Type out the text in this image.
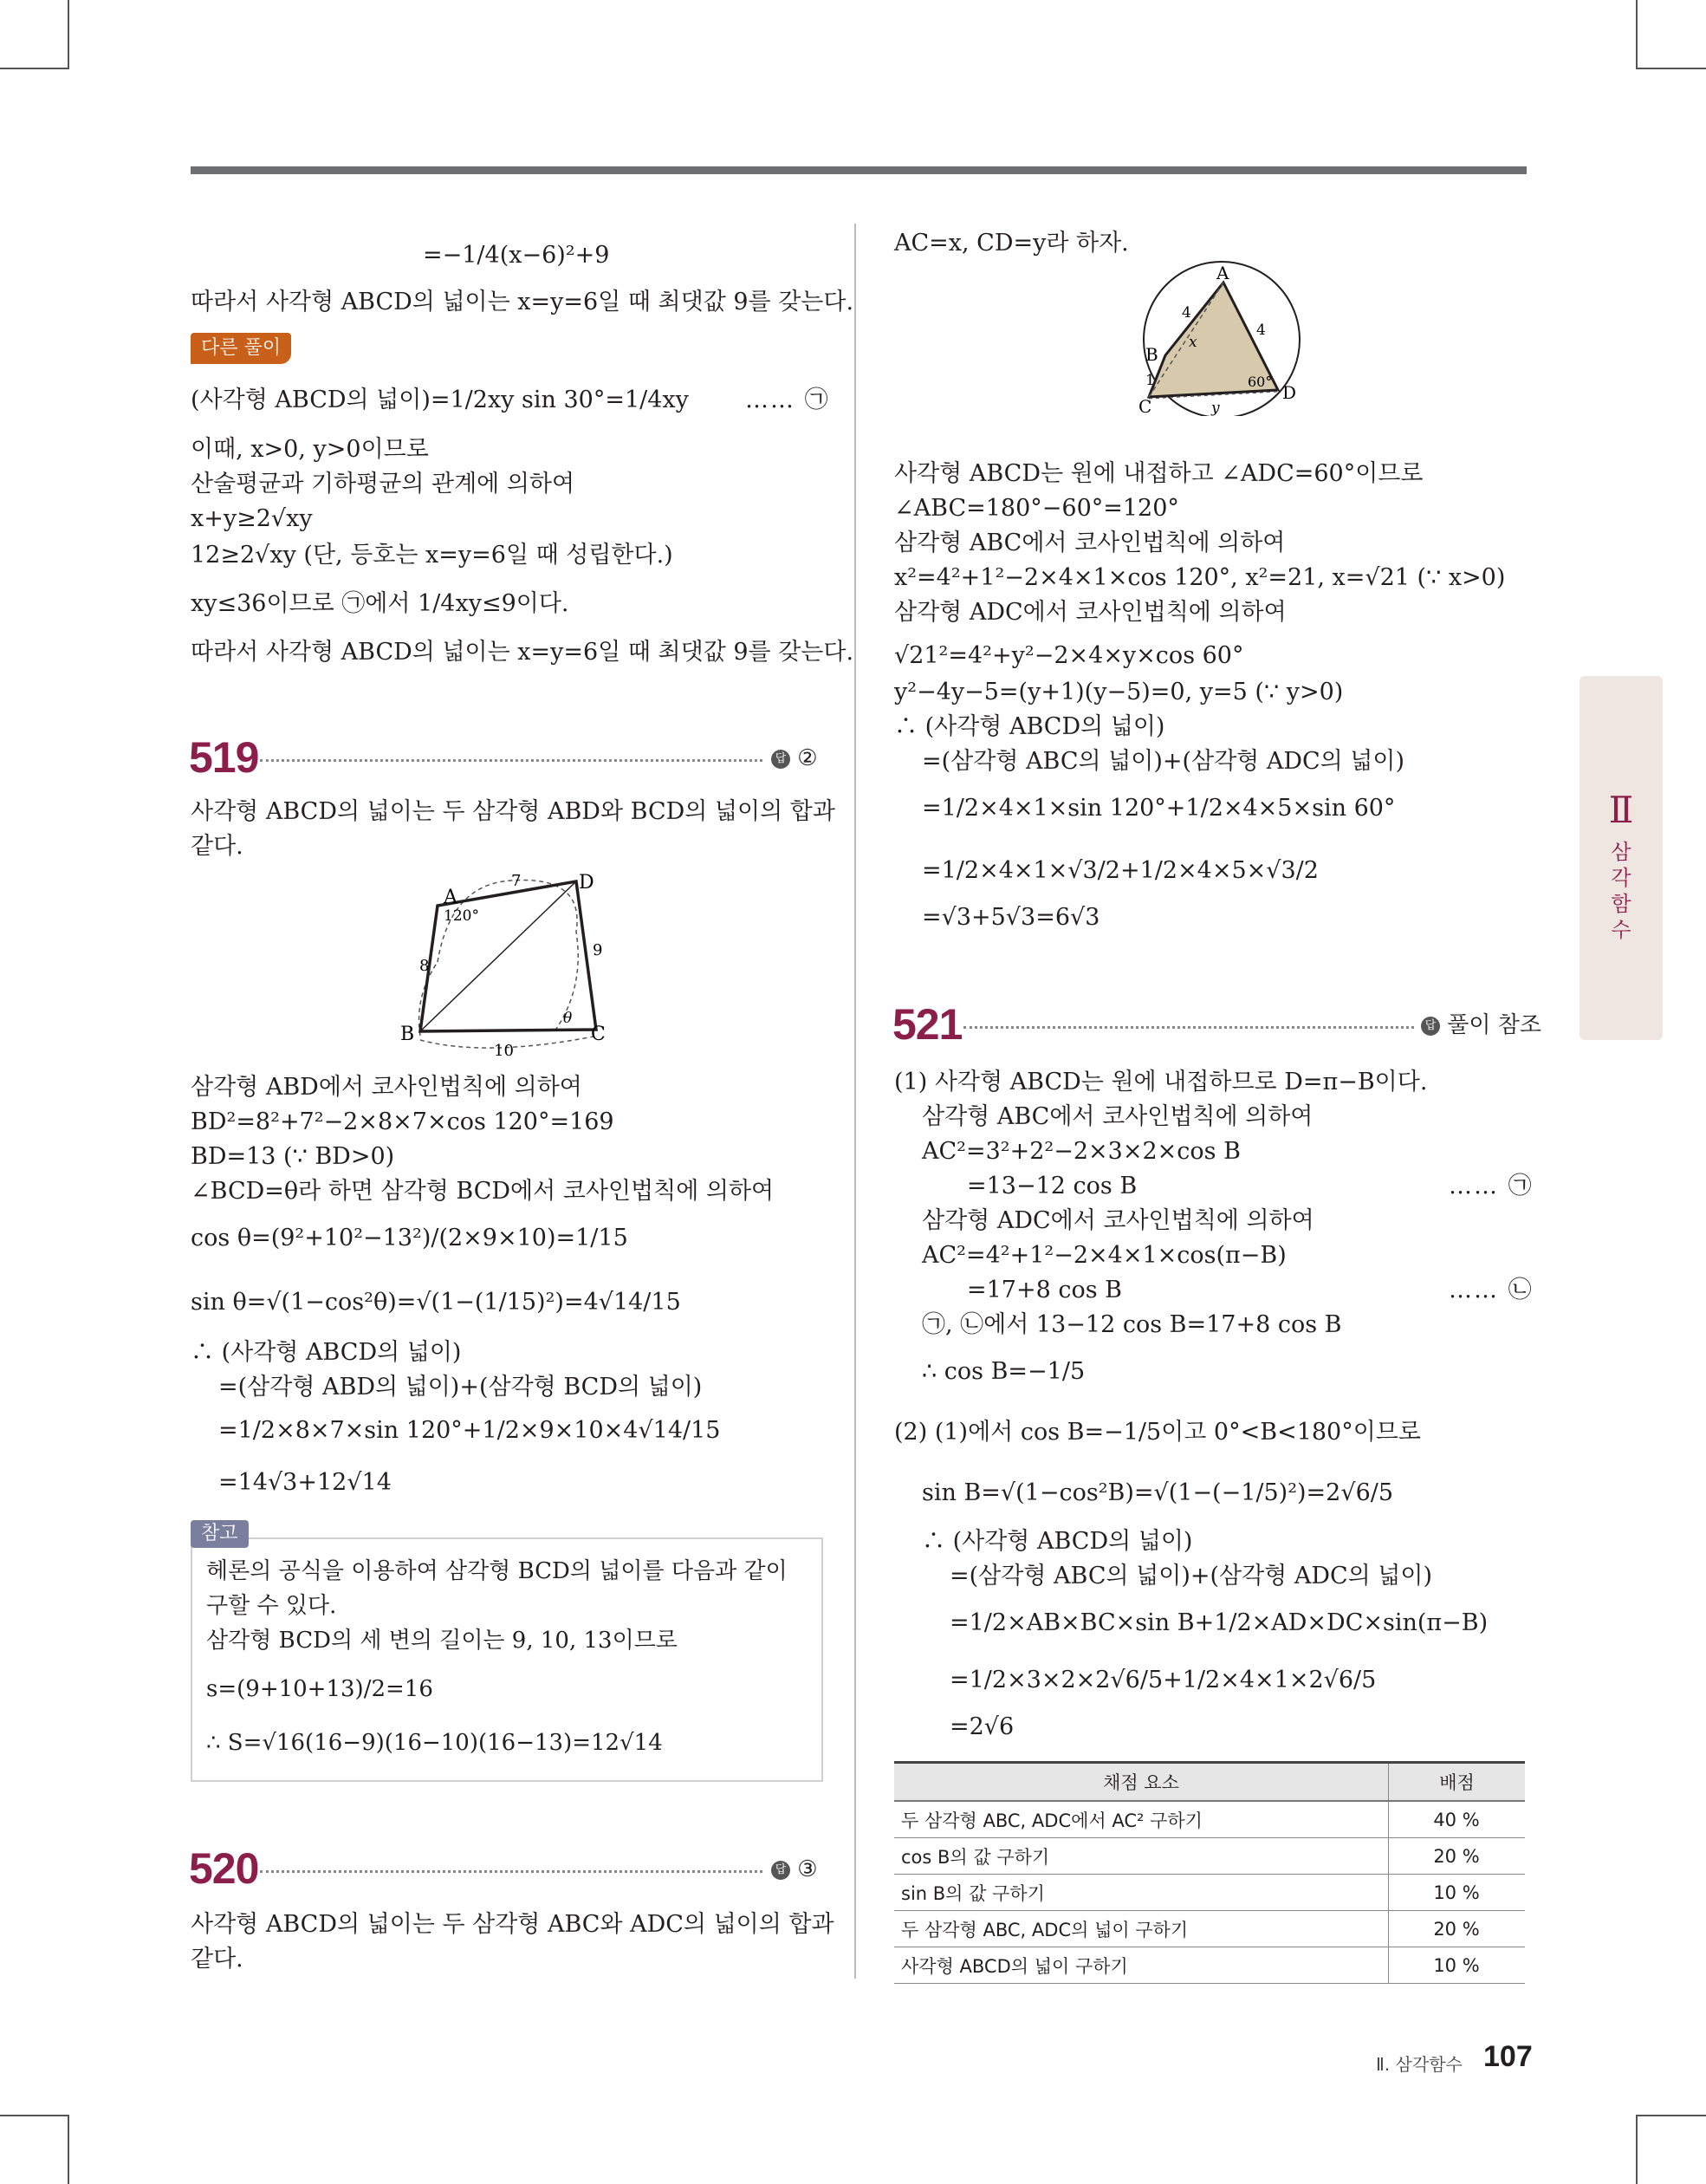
=−1/4(x−6)²+9
따라서 사각형 ABCD의 넓이는 x=y=6일 때 최댓값 9를 갖는다.
다른 풀이
(사각형 ABCD의 넓이)=1/2xy sin 30°=1/4xy …… ㉠
이때, x>0, y>0이므로
산술평균과 기하평균의 관계에 의하여
x+y≥2√xy
12≥2√xy (단, 등호는 x=y=6일 때 성립한다.)
xy≤36이므로 ㉠에서 1/4xy≤9이다.
따라서 사각형 ABCD의 넓이는 x=y=6일 때 최댓값 9를 갖는다.
519	답 ②
사각형 ABCD의 넓이는 두 삼각형 ABD와 BCD의 넓이의 합과
같다.
120°
θ
A
D
B	C
7
8
9
10
삼각형 ABD에서 코사인법칙에 의하여
BD²=8²+7²−2×8×7×cos 120°=169
BD=13 (∵ BD>0)
∠BCD=θ라 하면 삼각형 BCD에서 코사인법칙에 의하여
cos θ=(9²+10²−13²)/(2×9×10)=1/15
sin θ=√(1−cos²θ)=√(1−(1/15)²)=4√14/15
∴ (사각형 ABCD의 넓이)
=(삼각형 ABD의 넓이)+(삼각형 BCD의 넓이)
=1/2×8×7×sin 120°+1/2×9×10×4√14/15
=14√3+12√14
참고
헤론의 공식을 이용하여 삼각형 BCD의 넓이를 다음과 같이
구할 수 있다.
삼각형 BCD의 세 변의 길이는 9, 10, 13이므로
s=(9+10+13)/2=16
∴ S=√16(16−9)(16−10)(16−13)=12√14
520	답 ③
사각형 ABCD의 넓이는 두 삼각형 ABC와 ADC의 넓이의 합과
같다.
AC=x, CD=y라 하자.
A
B
C
D
4
4
1
x
y
60°
사각형 ABCD는 원에 내접하고 ∠ADC=60°이므로
∠ABC=180°−60°=120°
삼각형 ABC에서 코사인법칙에 의하여
x²=4²+1²−2×4×1×cos 120°, x²=21, x=√21 (∵ x>0)
삼각형 ADC에서 코사인법칙에 의하여
√21²=4²+y²−2×4×y×cos 60°
y²−4y−5=(y+1)(y−5)=0, y=5 (∵ y>0)
∴ (사각형 ABCD의 넓이)
=(삼각형 ABC의 넓이)+(삼각형 ADC의 넓이)
=1/2×4×1×sin 120°+1/2×4×5×sin 60°
=1/2×4×1×√3/2+1/2×4×5×√3/2
=√3+5√3=6√3
521	답 풀이 참조
(1) 사각형 ABCD는 원에 내접하므로 D=π−B이다.
삼각형 ABC에서 코사인법칙에 의하여
AC²=3²+2²−2×3×2×cos B
=13−12 cos B	…… ㉠
삼각형 ADC에서 코사인법칙에 의하여
AC²=4²+1²−2×4×1×cos(π−B)
=17+8 cos B	…… ㉡
㉠, ㉡에서 13−12 cos B=17+8 cos B
∴ cos B=−1/5
(2) (1)에서 cos B=−1/5이고 0°<B<180°이므로
sin B=√(1−cos²B)=√(1−(−1/5)²)=2√6/5
∴ (사각형 ABCD의 넓이)
=(삼각형 ABC의 넓이)+(삼각형 ADC의 넓이)
=1/2×AB×BC×sin B+1/2×AD×DC×sin(π−B)
=1/2×3×2×2√6/5+1/2×4×1×2√6/5
=2√6
채점 요소	배점
두 삼각형 ABC, ADC에서 AC² 구하기	40 %
cos B의 값 구하기	20 %
sin B의 값 구하기	10 %
두 삼각형 ABC, ADC의 넓이 구하기	20 %
사각형 ABCD의 넓이 구하기	10 %
Ⅱ
삼각함수
Ⅱ. 삼각함수 107
